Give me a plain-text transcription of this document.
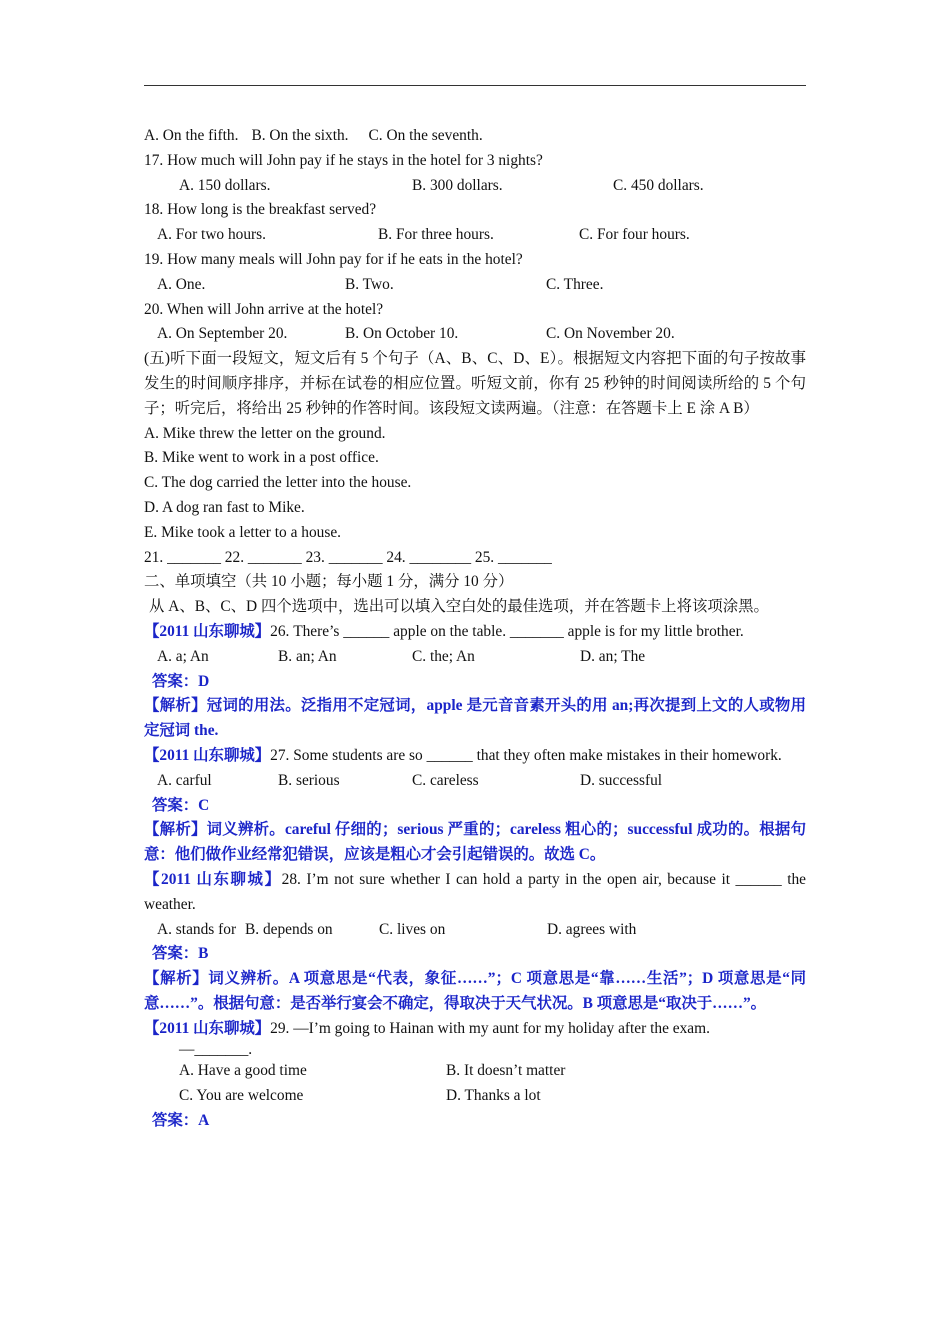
A. On the fifth. B. On the sixth. C. On the seventh.
17. How much will John pay if he stays in the hotel for 3 nights?
A. 150 dollars.	B. 300 dollars.	C. 450 dollars.
18. How long is the breakfast served?
A. For two hours.	B. For three hours.	C. For four hours.
19. How many meals will John pay for if he eats in the hotel?
A. One.	B. Two.	C. Three.
20. When will John arrive at the hotel?
A. On September 20.	B. On October 10.	C. On November 20.
(五)听下面一段短文，短文后有 5 个句子（A、B、C、D、E）。根据短文内容把下面的句子按故事发生的时间顺序排序，并标在试卷的相应位置。听短文前，你有 25 秒钟的时间阅读所给的 5 个句子；听完后，将给出 25 秒钟的作答时间。该段短文读两遍。（注意：在答题卡上 E 涂 A B）
A. Mike threw the letter on the ground.
B. Mike went to work in a post office.
C. The dog carried the letter into the house.
D. A dog ran fast to Mike.
E. Mike took a letter to a house.
21. _______ 22. _______ 23. _______ 24. ________ 25. _______
二、单项填空（共 10 小题；每小题 1 分，满分 10 分）
从 A、B、C、D 四个选项中，选出可以填入空白处的最佳选项，并在答题卡上将该项涂黑。
【2011 山东聊城】26. There’s ______ apple on the table. _______ apple is for my little brother.
A. a; An	B. an; An	C. the; An	D. an; The
答案：D
【解析】冠词的用法。泛指用不定冠词，apple 是元音音素开头的用 an;再次提到上文的人或物用定冠词 the.
【2011 山东聊城】27. Some students are so ______ that they often make mistakes in their homework.
A. carful	B. serious	C. careless	D. successful
答案：C
【解析】词义辨析。careful 仔细的；serious 严重的；careless 粗心的；successful 成功的。根据句意：他们做作业经常犯错误，应该是粗心才会引起错误的。故选 C。
【2011 山东聊城】28. I’m not sure whether I can hold a party in the open air, because it ______ the weather.
A. stands for B. depends on	C. lives on	D. agrees with
答案：B
【解析】词义辨析。A 项意思是“代表，象征……”；C 项意思是“靠……生活”；D 项意思是“同意……”。根据句意：是否举行宴会不确定，得取决于天气状况。B 项意思是“取决于……”。
【2011 山东聊城】29. —I’m going to Hainan with my aunt for my holiday after the exam.
—_______.
A. Have a good time	B. It doesn’t matter
C. You are welcome	D. Thanks a lot
答案：A
